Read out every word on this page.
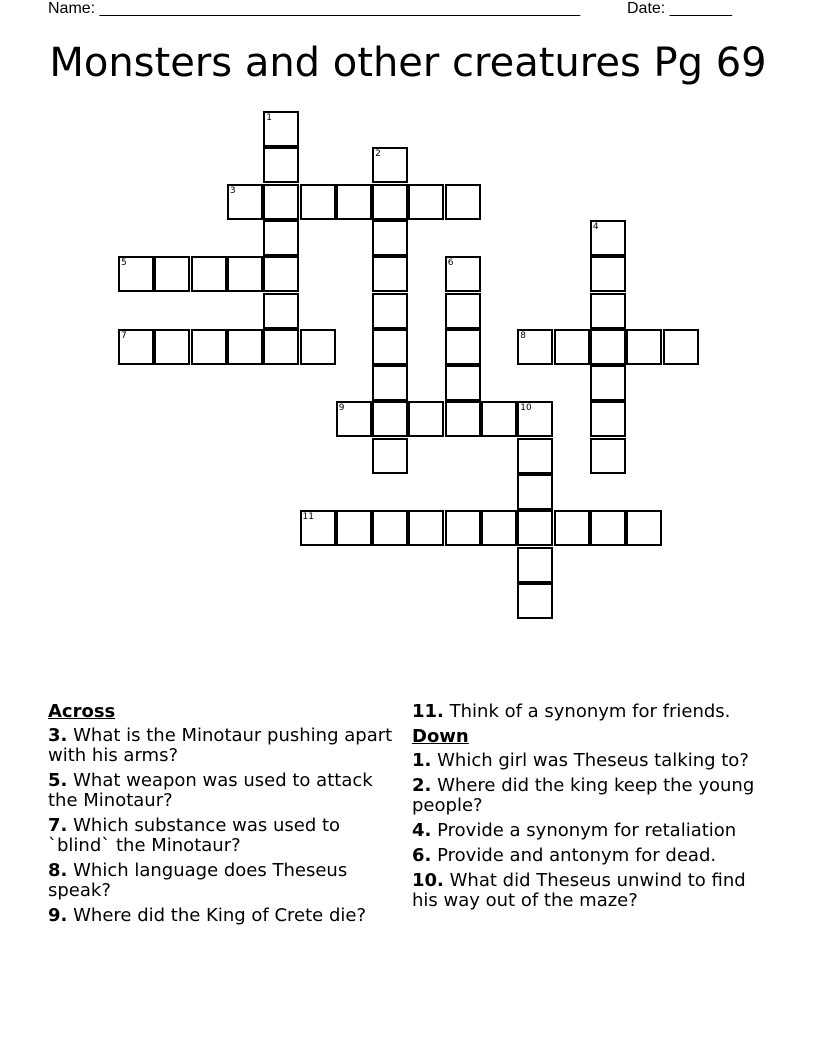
Name: ______________________________________________________	Date: _______
Monsters and other creatures Pg 69
1
2
3
4
5	6
7	8
9	10
11
Across
3. What is the Minotaur pushing apart with his arms?
5. What weapon was used to attack the Minotaur?
7. Which substance was used to `blind` the Minotaur?
8. Which language does Theseus speak?
9. Where did the King of Crete die?
11. Think of a synonym for friends.
Down
1. Which girl was Theseus talking to?
2. Where did the king keep the young people?
4. Provide a synonym for retaliation
6. Provide and antonym for dead.
10. What did Theseus unwind to find his way out of the maze?
